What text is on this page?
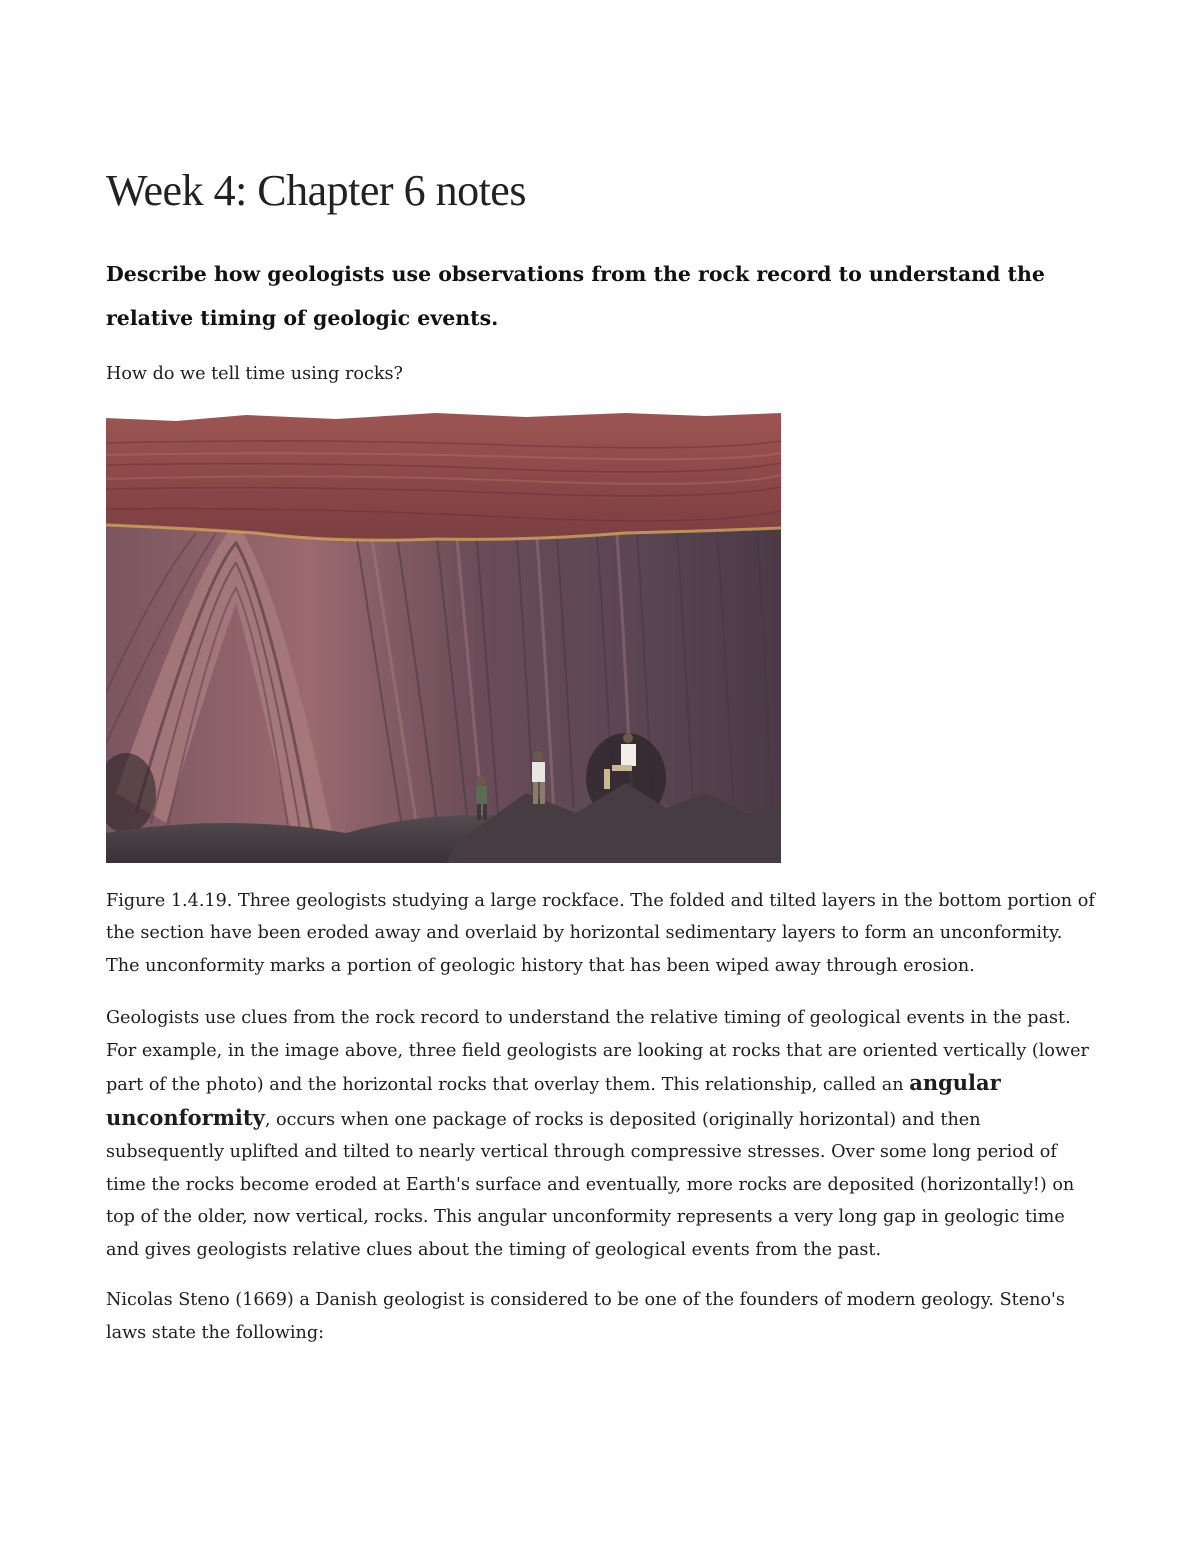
Week 4: Chapter 6 notes
Describe how geologists use observations from the rock record to understand the relative timing of geologic events.

How do we tell time using rocks?

Figure 1.4.19. Three geologists studying a large rockface. The folded and tilted layers in the bottom portion of the section have been eroded away and overlaid by horizontal sedimentary layers to form an unconformity. The unconformity marks a portion of geologic history that has been wiped away through erosion.

Geologists use clues from the rock record to understand the relative timing of geological events in the past. For example, in the image above, three field geologists are looking at rocks that are oriented vertically (lower part of the photo) and the horizontal rocks that overlay them. This relationship, called an angular unconformity, occurs when one package of rocks is deposited (originally horizontal) and then subsequently uplifted and tilted to nearly vertical through compressive stresses. Over some long period of time the rocks become eroded at Earth's surface and eventually, more rocks are deposited (horizontally!) on top of the older, now vertical, rocks. This angular unconformity represents a very long gap in geologic time and gives geologists relative clues about the timing of geological events from the past.

Nicolas Steno (1669) a Danish geologist is considered to be one of the founders of modern geology. Steno's laws state the following:
